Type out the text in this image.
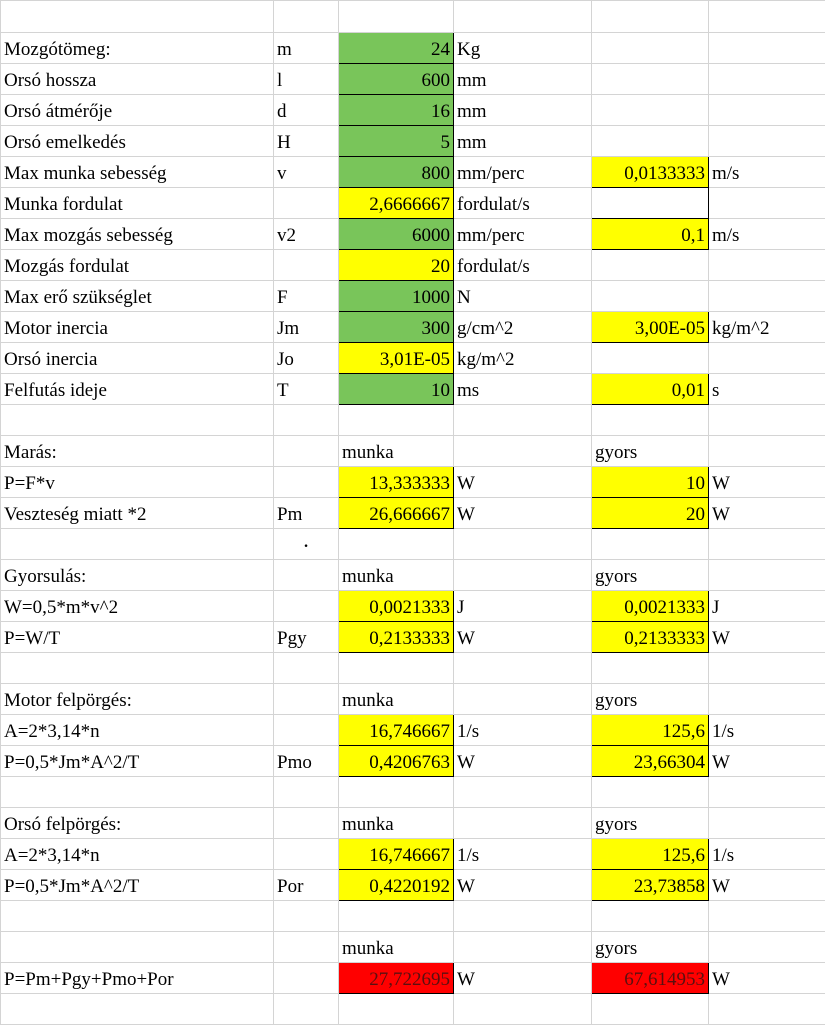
Mozgótömeg:	m	24	Kg		
Orsó hossza	l	600	mm		
Orsó átmérője	d	16	mm		
Orsó emelkedés	H	5	mm		
Max munka sebesség	v	800	mm/perc	0,0133333	m/s
Munka fordulat		2,6666667	fordulat/s		
Max mozgás sebesség	v2	6000	mm/perc	0,1	m/s
Mozgás fordulat		20	fordulat/s		
Max erő szükséglet	F	1000	N		
Motor inercia	Jm	300	g/cm^2	3,00E-05	kg/m^2
Orsó inercia	Jo	3,01E-05	kg/m^2		
Felfutás ideje	T	10	ms	0,01	s

Marás:		munka		gyors	
P=F*v		13,333333	W	10	W
Veszteség miatt *2	Pm	26,666667	W	20	W
	·				
Gyorsulás:		munka		gyors	
W=0,5*m*v^2		0,0021333	J	0,0021333	J
P=W/T	Pgy	0,2133333	W	0,2133333	W

Motor felpörgés:		munka		gyors	
A=2*3,14*n		16,746667	1/s	125,6	1/s
P=0,5*Jm*A^2/T	Pmo	0,4206763	W	23,66304	W

Orsó felpörgés:		munka		gyors	
A=2*3,14*n		16,746667	1/s	125,6	1/s
P=0,5*Jm*A^2/T	Por	0,4220192	W	23,73858	W

		munka		gyors	
P=Pm+Pgy+Pmo+Por		27,722695	W	67,614953	W
